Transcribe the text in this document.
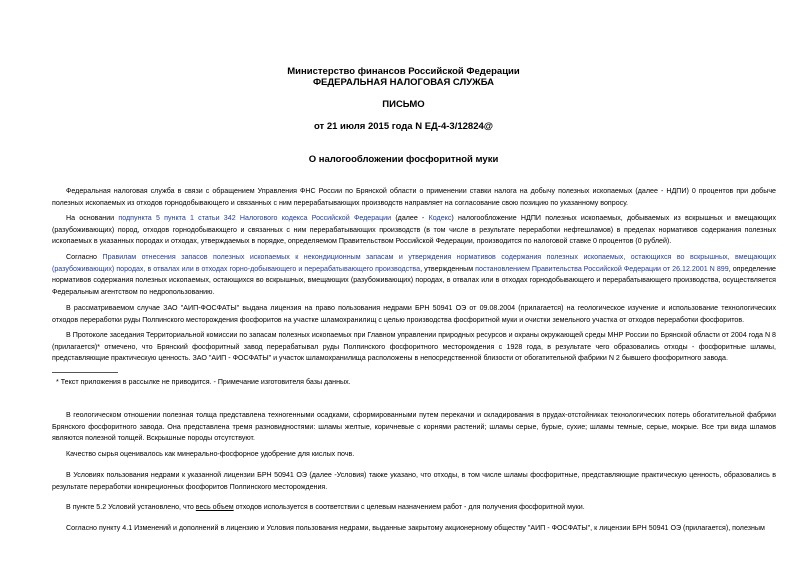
Министерство финансов Российской Федерации
ФЕДЕРАЛЬНАЯ НАЛОГОВАЯ СЛУЖБА
ПИСЬМО
от 21 июля 2015 года N ЕД-4-3/12824@
О налогообложении фосфоритной муки
Федеральная налоговая служба в связи с обращением Управления ФНС России по Брянской области о применении ставки налога на добычу полезных ископаемых (далее - НДПИ) 0 процентов при добыче полезных ископаемых из отходов горнодобывающего и связанных с ним перерабатывающих производств направляет на согласование свою позицию по указанному вопросу.
На основании подпункта 5 пункта 1 статьи 342 Налогового кодекса Российской Федерации (далее - Кодекс) налогообложение НДПИ полезных ископаемых, добываемых из вскрышных и вмещающих (разубоживающих) пород, отходов горнодобывающего и связанных с ним перерабатывающих производств (в том числе в результате переработки нефтешламов) в пределах нормативов содержания полезных ископаемых в указанных породах и отходах, утверждаемых в порядке, определяемом Правительством Российской Федерации, производится по налоговой ставке 0 процентов (0 рублей).
Согласно Правилам отнесения запасов полезных ископаемых к некондиционным запасам и утверждения нормативов содержания полезных ископаемых, остающихся во вскрышных, вмещающих (разубоживающих) породах, в отвалах или в отходах горно-добывающего и перерабатывающего производства, утвержденным постановлением Правительства Российской Федерации от 26.12.2001 N 899, определение нормативов содержания полезных ископаемых, остающихся во вскрышных, вмещающих (разубоживающих) породах, в отвалах или в отходах горнодобывающего и перерабатывающего производства, осуществляется Федеральным агентством по недропользованию.
В рассматриваемом случае ЗАО "АИП-ФОСФАТЫ" выдана лицензия на право пользования недрами БРН 50941 ОЭ от 09.08.2004 (прилагается) на геологическое изучение и использование технологических отходов переработки руды Полпинского месторождения фосфоритов на участке шламохранилищ с целью производства фосфоритной муки и очистки земельного участка от отходов переработки фосфоритов.
В Протоколе заседания Территориальной комиссии по запасам полезных ископаемых при Главном управлении природных ресурсов и охраны окружающей среды МНР России по Брянской области от 2004 года N 8 (прилагается)* отмечено, что Брянский фосфоритный завод перерабатывал руды Полпинского фосфоритного месторождения с 1928 года, в результате чего образовались отходы - фосфоритные шламы, представляющие практическую ценность. ЗАО "АИП - ФОСФАТЫ" и участок шламохранилища расположены в непосредственной близости от обогатительной фабрики N 2 бывшего фосфоритного завода.
* Текст приложения в рассылке не приводится. - Примечание изготовителя базы данных.
В геологическом отношении полезная толща представлена техногенными осадками, сформированными путем перекачки и складирования в прудах-отстойниках технологических потерь обогатительной фабрики Брянского фосфоритного завода. Она представлена тремя разновидностями: шламы желтые, коричневые с корнями растений; шламы серые, бурые, сухие; шламы темные, серые, мокрые. Все три вида шламов являются полезной толщей. Вскрышные породы отсутствуют.
Качество сырья оценивалось как минерально-фосфорное удобрение для кислых почв.
В Условиях пользования недрами к указанной лицензии БРН 50941 ОЭ (далее -Условия) также указано, что отходы, в том числе шламы фосфоритные, представляющие практическую ценность, образовались в результате переработки конкреционных фосфоритов Полпинского месторождения.
В пункте 5.2 Условий установлено, что весь объем отходов используется в соответствии с целевым назначением работ - для получения фосфоритной муки.
Согласно пункту 4.1 Изменений и дополнений в лицензию и Условия пользования недрами, выданные закрытому акционерному обществу "АИП - ФОСФАТЫ", к лицензии БРН 50941 ОЭ (прилагается), полезным
